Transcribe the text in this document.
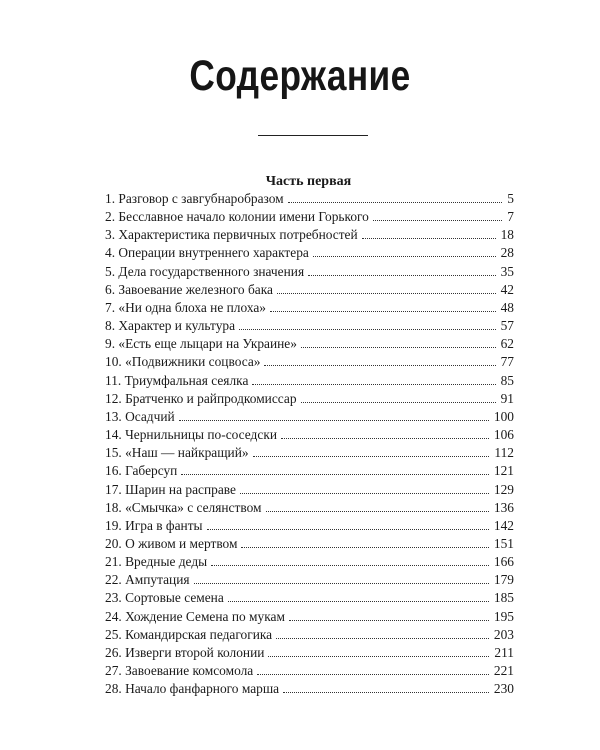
Содержание
Часть первая
1. Разговор с завгубнаробразом	5
2. Бесславное начало колонии имени Горького	7
3. Характеристика первичных потребностей	18
4. Операции внутреннего характера	28
5. Дела государственного значения	35
6. Завоевание железного бака	42
7. «Ни одна блоха не плоха»	48
8. Характер и культура	57
9. «Есть еще лыцари на Украине»	62
10. «Подвижники соцвоса»	77
11. Триумфальная сеялка	85
12. Братченко и райпродкомиссар	91
13. Осадчий	100
14. Чернильницы по-соседски	106
15. «Наш — найкращий»	112
16. Габерсуп	121
17. Шарин на расправе	129
18. «Смычка» с селянством	136
19. Игра в фанты	142
20. О живом и мертвом	151
21. Вредные деды	166
22. Ампутация	179
23. Сортовые семена	185
24. Хождение Семена по мукам	195
25. Командирская педагогика	203
26. Изверги второй колонии	211
27. Завоевание комсомола	221
28. Начало фанфарного марша	230
